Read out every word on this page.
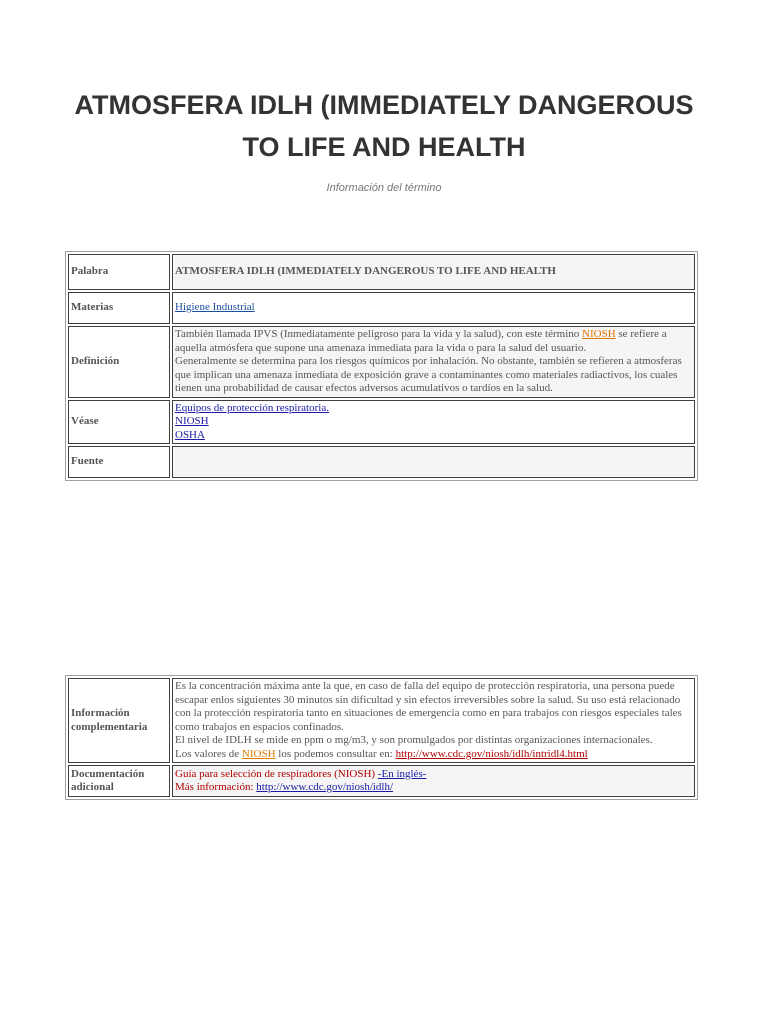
ATMOSFERA IDLH (IMMEDIATELY DANGEROUS TO LIFE AND HEALTH
Información del término
Palabra	ATMOSFERA IDLH (IMMEDIATELY DANGEROUS TO LIFE AND HEALTH
Materias	Higiene Industrial
Definición	También llamada IPVS (Inmediatamente peligroso para la vida y la salud), con este término NIOSH se refiere a aquella atmósfera que supone una amenaza inmediata para la vida o para la salud del usuario.
Generalmente se determina para los riesgos químicos por inhalación. No obstante, también se refieren a atmosferas que implican una amenaza inmediata de exposición grave a contaminantes como materiales radiactivos, los cuales tienen una probabilidad de causar efectos adversos acumulativos o tardíos en la salud.
Véase	Equipos de protección respiratoria.
NIOSH
OSHA
Fuente	
Información complementaria	Es la concentración máxima ante la que, en caso de falla del equipo de protección respiratoria, una persona puede escapar enlos siguientes 30 minutos sin dificultad y sin efectos irreversibles sobre la salud. Su uso está relacionado con la protección respiratoria tanto en situaciones de emergencia como en para trabajos con riesgos especiales tales como trabajos en espacios confinados.
El nivel de IDLH se mide en ppm o mg/m3, y son promulgados por distintas organizaciones internacionales.
Los valores de NIOSH los podemos consultar en: http://www.cdc.gov/niosh/idlh/intridl4.html
Documentación adicional	Guía para selección de respiradores (NIOSH) -En inglés-
Más información: http://www.cdc.gov/niosh/idlh/
